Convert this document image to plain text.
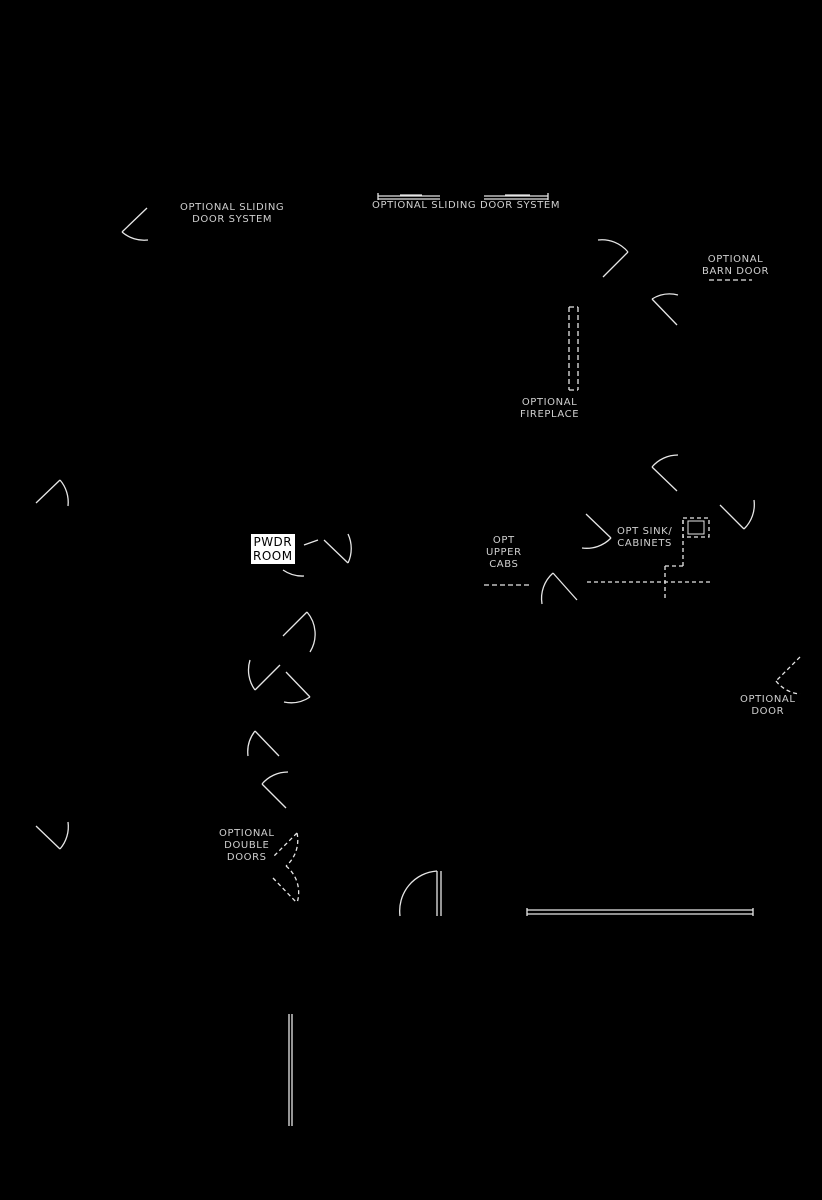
OPTIONAL SLIDING
DOOR SYSTEM
OPTIONAL SLIDING DOOR SYSTEM
OPTIONAL
BARN DOOR
OPTIONAL
FIREPLACE
OPT
UPPER
CABS
OPT SINK/
CABINETS
OPTIONAL
DOOR
OPTIONAL
DOUBLE
DOORS
PWDR
ROOM
